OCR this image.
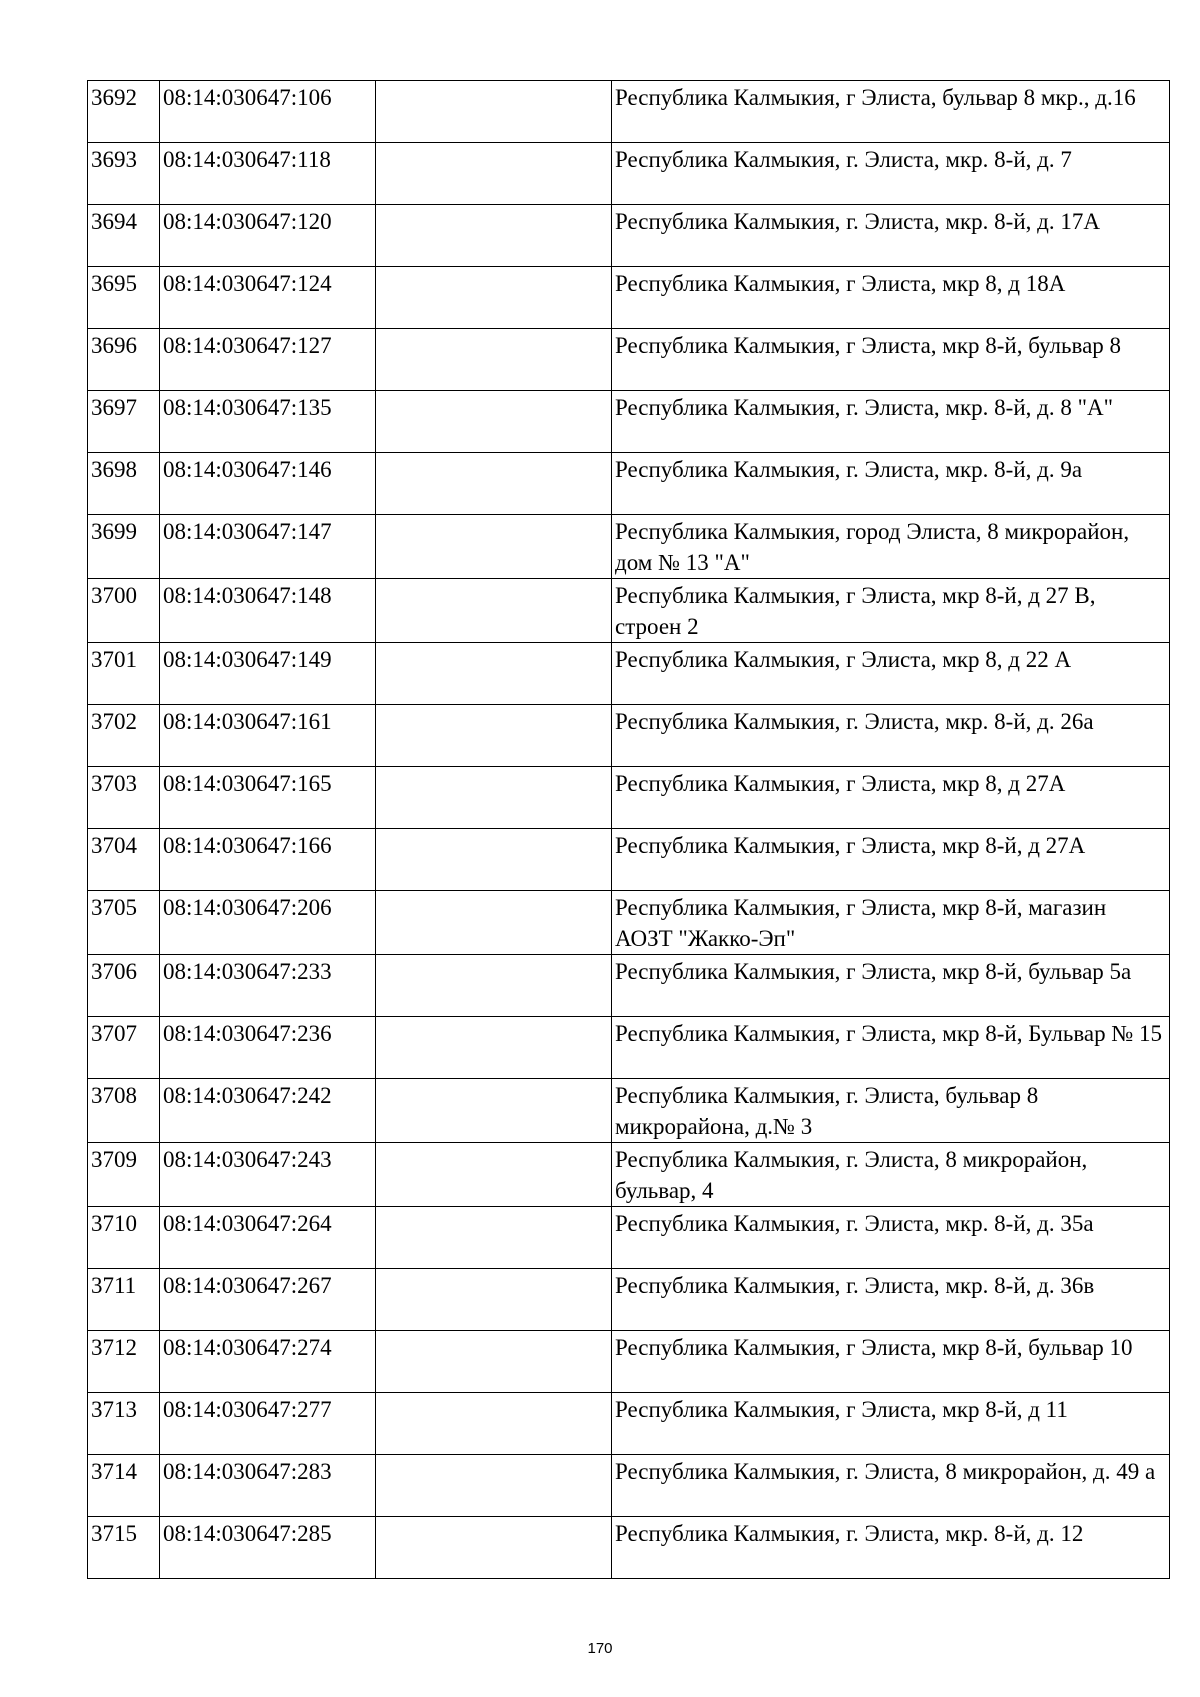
3692	08:14:030647:106		Республика Калмыкия, г Элиста, бульвар 8 мкр., д.16
3693	08:14:030647:118		Республика Калмыкия, г. Элиста, мкр. 8-й, д. 7
3694	08:14:030647:120		Республика Калмыкия, г. Элиста, мкр. 8-й, д. 17А
3695	08:14:030647:124		Республика Калмыкия, г Элиста, мкр 8, д 18А
3696	08:14:030647:127		Республика Калмыкия, г Элиста, мкр 8-й, бульвар 8
3697	08:14:030647:135		Республика Калмыкия, г. Элиста, мкр. 8-й, д. 8 "А"
3698	08:14:030647:146		Республика Калмыкия, г. Элиста, мкр. 8-й, д. 9а
3699	08:14:030647:147		Республика Калмыкия, город Элиста, 8 микрорайон, дом № 13 "А"
3700	08:14:030647:148		Республика Калмыкия, г Элиста, мкр 8-й, д 27 В, строен 2
3701	08:14:030647:149		Республика Калмыкия, г Элиста, мкр 8, д 22 А
3702	08:14:030647:161		Республика Калмыкия, г. Элиста, мкр. 8-й, д. 26а
3703	08:14:030647:165		Республика Калмыкия, г Элиста, мкр 8, д 27А
3704	08:14:030647:166		Республика Калмыкия, г Элиста, мкр 8-й, д 27А
3705	08:14:030647:206		Республика Калмыкия, г Элиста, мкр 8-й, магазин АОЗТ "Жакко-Эп"
3706	08:14:030647:233		Республика Калмыкия, г Элиста, мкр 8-й, бульвар 5а
3707	08:14:030647:236		Республика Калмыкия, г Элиста, мкр 8-й, Бульвар № 15
3708	08:14:030647:242		Республика Калмыкия, г. Элиста, бульвар 8 микрорайона, д.№ 3
3709	08:14:030647:243		Республика Калмыкия, г. Элиста, 8 микрорайон, бульвар, 4
3710	08:14:030647:264		Республика Калмыкия, г. Элиста, мкр. 8-й, д. 35а
3711	08:14:030647:267		Республика Калмыкия, г. Элиста, мкр. 8-й, д. 36в
3712	08:14:030647:274		Республика Калмыкия, г Элиста, мкр 8-й, бульвар 10
3713	08:14:030647:277		Республика Калмыкия, г Элиста, мкр 8-й, д 11
3714	08:14:030647:283		Республика Калмыкия, г. Элиста, 8 микрорайон, д. 49 а
3715	08:14:030647:285		Республика Калмыкия, г. Элиста, мкр. 8-й, д. 12
170
